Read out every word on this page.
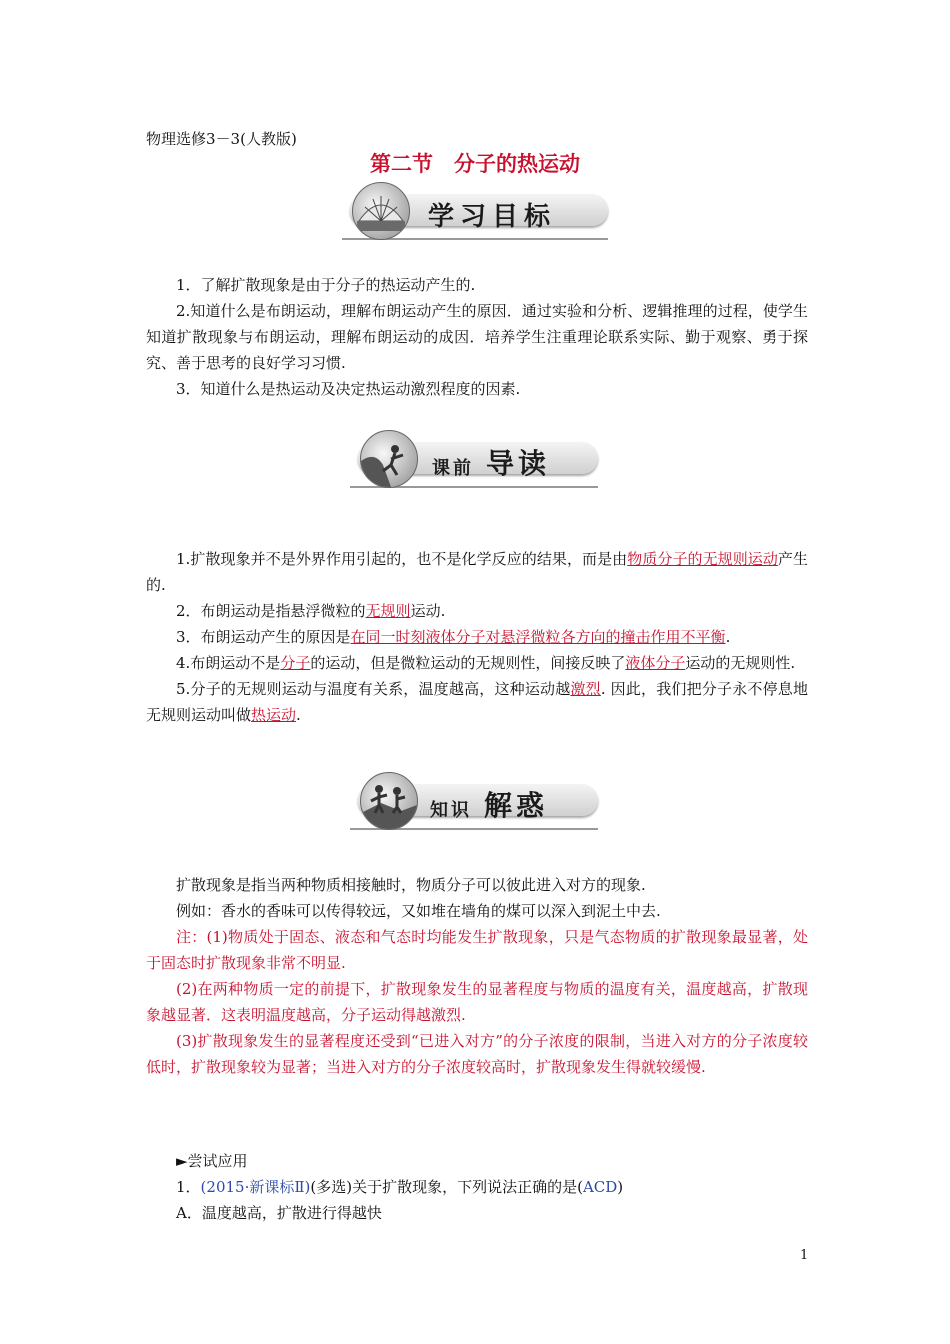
物理选修3－3(人教版)
第二节　分子的热运动
学习目标

1．了解扩散现象是由于分子的热运动产生的.

2.知道什么是布朗运动，理解布朗运动产生的原因．通过实验和分析、逻辑推理的过程，使学生知道扩散现象与布朗运动，理解布朗运动的成因．培养学生注重理论联系实际、勤于观察、勇于探究、善于思考的良好学习习惯.

3．知道什么是热运动及决定热运动激烈程度的因素.

课前 导读

1.扩散现象并不是外界作用引起的，也不是化学反应的结果，而是由物质分子的无规则运动产生的.

2．布朗运动是指悬浮微粒的无规则运动.

3．布朗运动产生的原因是在同一时刻液体分子对悬浮微粒各方向的撞击作用不平衡.

4.布朗运动不是分子的运动，但是微粒运动的无规则性，间接反映了液体分子运动的无规则性.

5.分子的无规则运动与温度有关系，温度越高，这种运动越激烈. 因此，我们把分子永不停息地无规则运动叫做热运动.

知识 解惑

扩散现象是指当两种物质相接触时，物质分子可以彼此进入对方的现象.

例如：香水的香味可以传得较远，又如堆在墙角的煤可以深入到泥土中去.

注：(1)物质处于固态、液态和气态时均能发生扩散现象，只是气态物质的扩散现象最显著，处于固态时扩散现象非常不明显.

(2)在两种物质一定的前提下，扩散现象发生的显著程度与物质的温度有关，温度越高，扩散现象越显著．这表明温度越高，分子运动得越激烈.

(3)扩散现象发生的显著程度还受到“已进入对方”的分子浓度的限制，当进入对方的分子浓度较低时，扩散现象较为显著；当进入对方的分子浓度较高时，扩散现象发生得就较缓慢.

►尝试应用

1．(2015·新课标Ⅱ)(多选)关于扩散现象，下列说法正确的是(ACD)

A．温度越高，扩散进行得越快

1
